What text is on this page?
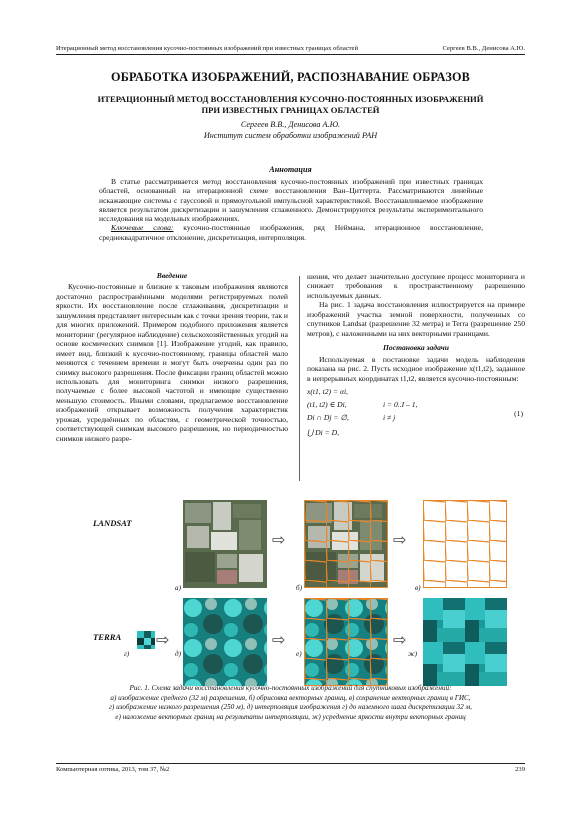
Итерационный метод восстановления кусочно-постоянных изображений при известных границах областей	Сергеев В.В., Денисова А.Ю.
ОБРАБОТКА ИЗОБРАЖЕНИЙ, РАСПОЗНАВАНИЕ ОБРАЗОВ
ИТЕРАЦИОННЫЙ МЕТОД ВОССТАНОВЛЕНИЯ КУСОЧНО-ПОСТОЯННЫХ ИЗОБРАЖЕНИЙ
ПРИ ИЗВЕСТНЫХ ГРАНИЦАХ ОБЛАСТЕЙ
Сергеев В.В., Денисова А.Ю.
Институт систем обработки изображений РАН
Аннотация

В статье рассматривается метод восстановления кусочно-постоянных изображений при известных границах областей, основанный на итерационной схеме восстановления Ван–Циттерта. Рассматриваются линейные искажающие системы с гауссовой и прямоугольной импульсной характеристикой. Восстанавливаемое изображение является результатом дискретизации и зашумления сглаженного. Демонстрируются результаты экспериментального исследования на модельных изображениях.

Ключевые слова: кусочно-постоянные изображения, ряд Неймана, итерационное восстановление, среднеквадратичное отклонение, дискретизация, интерполяция.

Введение

Кусочно-постоянные и близкие к таковым изображения являются достаточно распространёнными моделями регистрируемых полей яркости. Их восстановление после сглаживания, дискретизации и зашумления представляет интересным как с точки зрения теории, так и для многих приложений. Примером подобного приложения является мониторинг (регулярное наблюдение) сельскохозяйственных угодий на основе космических снимков [1]. Изображение угодий, как правило, имеет вид, близкий к кусочно-постоянному, границы областей мало меняются с течением времени и могут быть очерчены один раз по снимку высокого разрешения. После фиксации границ областей можно использовать для мониторинга снимки низкого разрешения, получаемые с более высокой частотой и имеющие существенно меньшую стоимость. Иными словами, предлагаемое восстановление изображений открывает возможность получения характеристик урожая, усреднённых по областям, с геометрической точностью, соответствующей снимкам высокого разрешения, но периодичностью снимков низкого разре-

шения, что делает значительно доступнее процесс мониторинга и снижает требования к пространственному разрешению используемых данных.

На рис. 1 задача восстановления иллюстрируется на примере изображений участка земной поверхности, полученных со спутников Landsat (разрешение 32 метра) и Terra (разрешение 250 метров), с наложенными на них векторными границами.

Постановка задачи

Используемая в постановке задачи модель наблюдения показана на рис. 2. Пусть исходное изображение x(t1,t2), заданное в непрерывных координатах t1,t2, является кусочно-постоянным:

x(t1, t2) = αi,
(t1, t2) ∈ Di,	i = 0..I – 1,
Di ∩ Dj = ∅,	i ≠ j
⋃ Di = D,
(1)
LANDSAT
а)
⇨
б)
⇨
в)
TERRA
г)
⇨
д)
⇨
е)
⇨
ж)
Рис. 1. Схема задачи восстановления кусочно-постоянных изображений для спутниковых изображений:
а) изображение среднего (32 м) разрешения, б) обрисовка векторных границ, в) сохранение векторных границ в ГИС,
г) изображение низкого разрешения (250 м), д) интерполяция изображения г) до наземного шага дискретизации 32 м,
е) наложение векторных границ на результаты интерполяции, ж) усреднение яркости внутри векторных границ
Компьютерная оптика, 2013, том 37, №2	239
